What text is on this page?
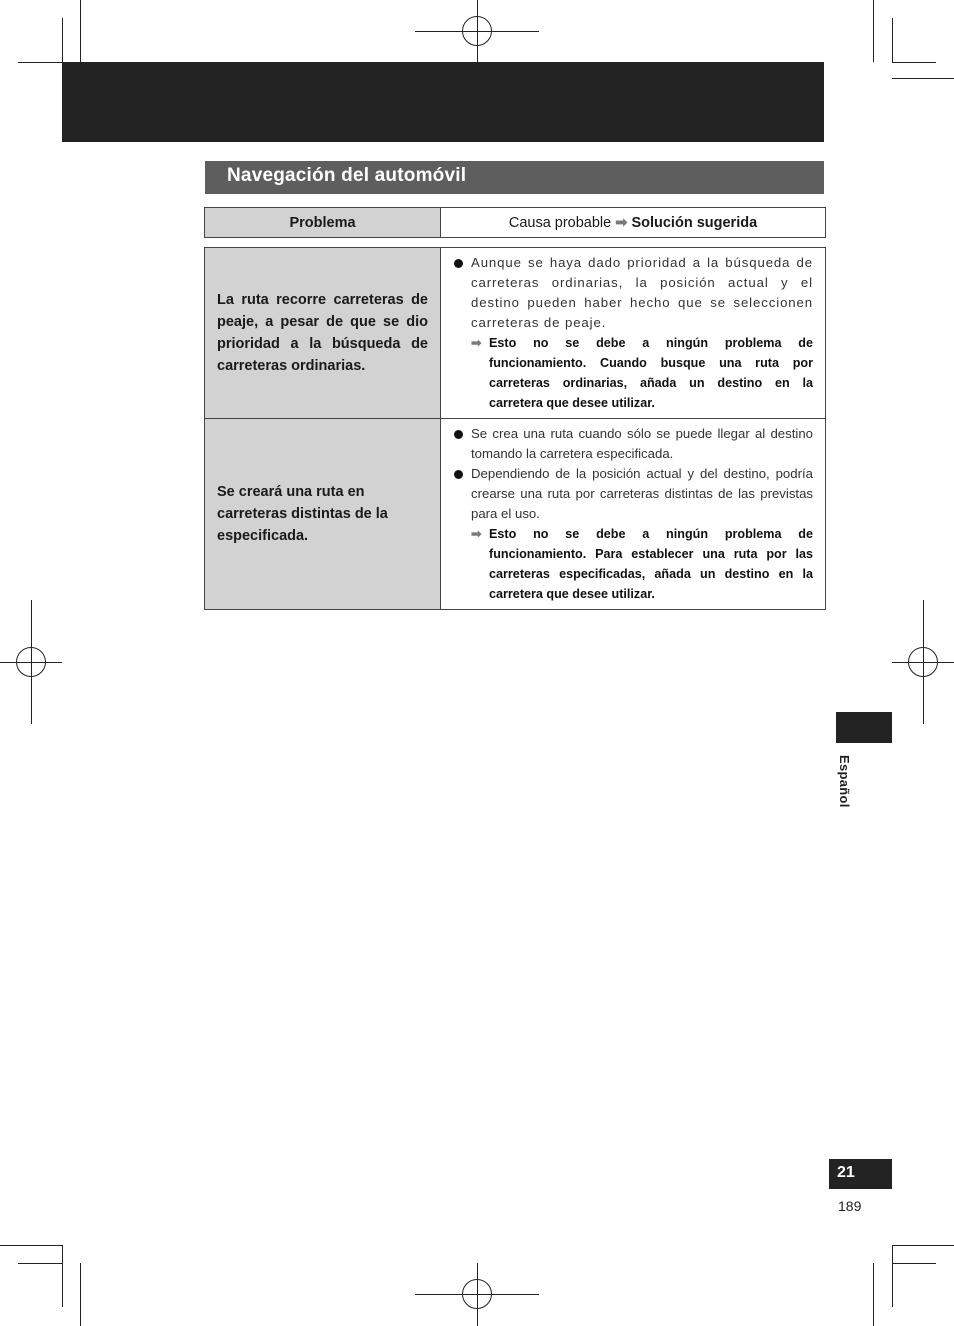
Navegación del automóvil
Problema	Causa probable ➡ Solución sugerida
La ruta recorre carreteras de peaje, a pesar de que se dio prioridad a la búsqueda de carreteras ordinarias.	Aunque se haya dado prioridad a la búsqueda de carreteras ordinarias, la posición actual y el destino pueden haber hecho que se seleccionen carreteras de peaje.
➡ Esto no se debe a ningún problema de funcionamiento. Cuando busque una ruta por carreteras ordinarias, añada un destino en la carretera que desee utilizar.

Se creará una ruta en carreteras distintas de la especificada.	Se crea una ruta cuando sólo se puede llegar al destino tomando la carretera especificada.
Dependiendo de la posición actual y del destino, podría crearse una ruta por carreteras distintas de las previstas para el uso.
➡ Esto no se debe a ningún problema de funcionamiento. Para establecer una ruta por las carreteras especificadas, añada un destino en la carretera que desee utilizar.
Español
21
189
